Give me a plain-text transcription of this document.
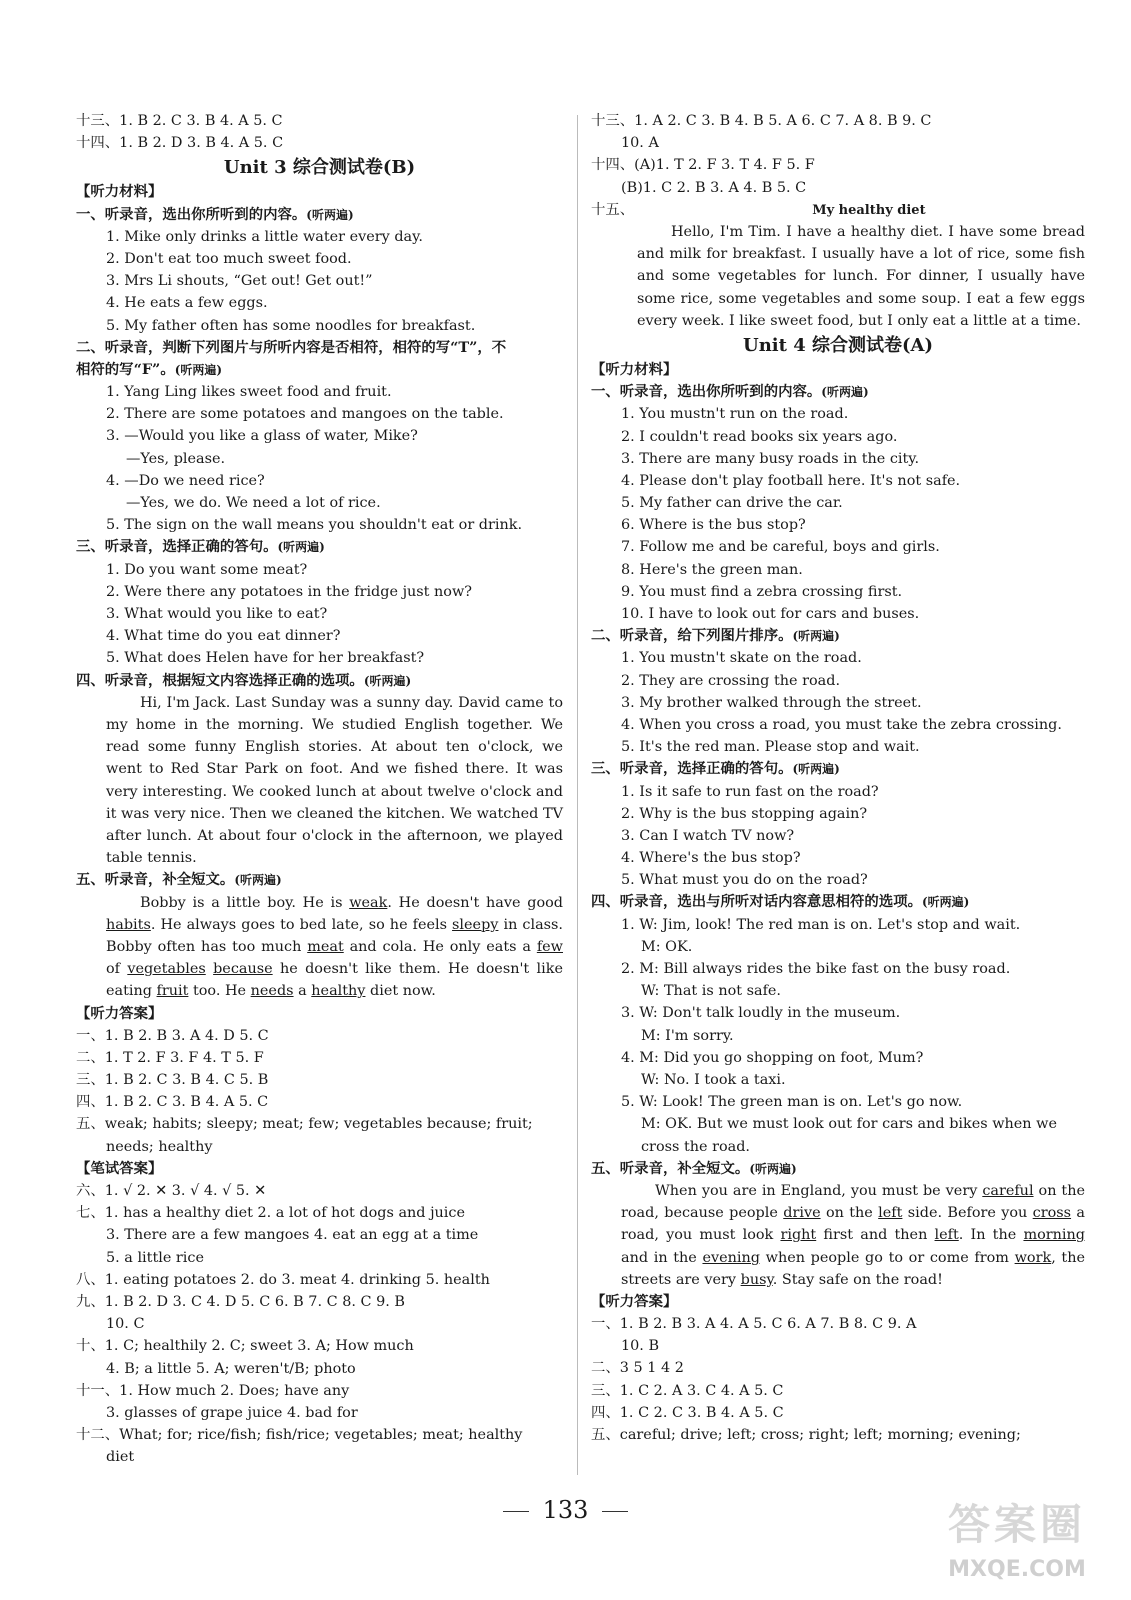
十三、1. B 2. C 3. B 4. A 5. C
十四、1. B 2. D 3. B 4. A 5. C
Unit 3 综合测试卷(B)
【听力材料】
一、听录音，选出你所听到的内容。(听两遍)
1. Mike only drinks a little water every day.
2. Don't eat too much sweet food.
3. Mrs Li shouts, “Get out! Get out!”
4. He eats a few eggs.
5. My father often has some noodles for breakfast.
二、听录音，判断下列图片与所听内容是否相符，相符的写“T”，不
相符的写“F”。(听两遍)
1. Yang Ling likes sweet food and fruit.
2. There are some potatoes and mangoes on the table.
3. —Would you like a glass of water, Mike?
—Yes, please.
4. —Do we need rice?
—Yes, we do. We need a lot of rice.
5. The sign on the wall means you shouldn't eat or drink.
三、听录音，选择正确的答句。(听两遍)
1. Do you want some meat?
2. Were there any potatoes in the fridge just now?
3. What would you like to eat?
4. What time do you eat dinner?
5. What does Helen have for her breakfast?
四、听录音，根据短文内容选择正确的选项。(听两遍)

Hi, I'm Jack. Last Sunday was a sunny day. David came to my home in the morning. We studied English together. We read some funny English stories. At about ten o'clock, we went to Red Star Park on foot. And we fished there. It was very interesting. We cooked lunch at about twelve o'clock and it was very nice. Then we cleaned the kitchen. We watched TV after lunch. At about four o'clock in the afternoon, we played table tennis.

五、听录音，补全短文。(听两遍)

Bobby is a little boy. He is weak. He doesn't have good habits. He always goes to bed late, so he feels sleepy in class. Bobby often has too much meat and cola. He only eats a few of vegetables because he doesn't like them. He doesn't like eating fruit too. He needs a healthy diet now.

【听力答案】
一、1. B 2. B 3. A 4. D 5. C
二、1. T 2. F 3. F 4. T 5. F
三、1. B 2. C 3. B 4. C 5. B
四、1. B 2. C 3. B 4. A 5. C
五、weak; habits; sleepy; meat; few; vegetables because; fruit;
needs; healthy
【笔试答案】
六、1. √ 2. ✕ 3. √ 4. √ 5. ✕
七、1. has a healthy diet 2. a lot of hot dogs and juice
3. There are a few mangoes 4. eat an egg at a time
5. a little rice
八、1. eating potatoes 2. do 3. meat 4. drinking 5. health
九、1. B 2. D 3. C 4. D 5. C 6. B 7. C 8. C 9. B
10. C
十、1. C; healthily 2. C; sweet 3. A; How much
4. B; a little 5. A; weren't/B; photo
十一、1. How much 2. Does; have any
3. glasses of grape juice 4. bad for
十二、What; for; rice/fish; fish/rice; vegetables; meat; healthy
diet
十三、1. A 2. C 3. B 4. B 5. A 6. C 7. A 8. B 9. C
10. A
十四、(A)1. T 2. F 3. T 4. F 5. F
(B)1. C 2. B 3. A 4. B 5. C
十五、	My healthy diet

Hello, I'm Tim. I have a healthy diet. I have some bread and milk for breakfast. I usually have a lot of rice, some fish and some vegetables for lunch. For dinner, I usually have some rice, some vegetables and some soup. I eat a few eggs every week. I like sweet food, but I only eat a little at a time.

Unit 4 综合测试卷(A)
【听力材料】
一、听录音，选出你所听到的内容。(听两遍)
1. You mustn't run on the road.
2. I couldn't read books six years ago.
3. There are many busy roads in the city.
4. Please don't play football here. It's not safe.
5. My father can drive the car.
6. Where is the bus stop?
7. Follow me and be careful, boys and girls.
8. Here's the green man.
9. You must find a zebra crossing first.
10. I have to look out for cars and buses.
二、听录音，给下列图片排序。(听两遍)
1. You mustn't skate on the road.
2. They are crossing the road.
3. My brother walked through the street.
4. When you cross a road, you must take the zebra crossing.
5. It's the red man. Please stop and wait.
三、听录音，选择正确的答句。(听两遍)
1. Is it safe to run fast on the road?
2. Why is the bus stopping again?
3. Can I watch TV now?
4. Where's the bus stop?
5. What must you do on the road?
四、听录音，选出与所听对话内容意思相符的选项。(听两遍)
1. W: Jim, look! The red man is on. Let's stop and wait.
M: OK.
2. M: Bill always rides the bike fast on the busy road.
W: That is not safe.
3. W: Don't talk loudly in the museum.
M: I'm sorry.
4. M: Did you go shopping on foot, Mum?
W: No. I took a taxi.
5. W: Look! The green man is on. Let's go now.
M: OK. But we must look out for cars and bikes when we
cross the road.
五、听录音，补全短文。(听两遍)

When you are in England, you must be very careful on the road, because people drive on the left side. Before you cross a road, you must look right first and then left. In the morning and in the evening when people go to or come from work, the streets are very busy. Stay safe on the road!

【听力答案】
一、1. B 2. B 3. A 4. A 5. C 6. A 7. B 8. C 9. A
10. B
二、3 5 1 4 2
三、1. C 2. A 3. C 4. A 5. C
四、1. C 2. C 3. B 4. A 5. C
五、careful; drive; left; cross; right; left; morning; evening;
133	答案圈
MXQE.COM
